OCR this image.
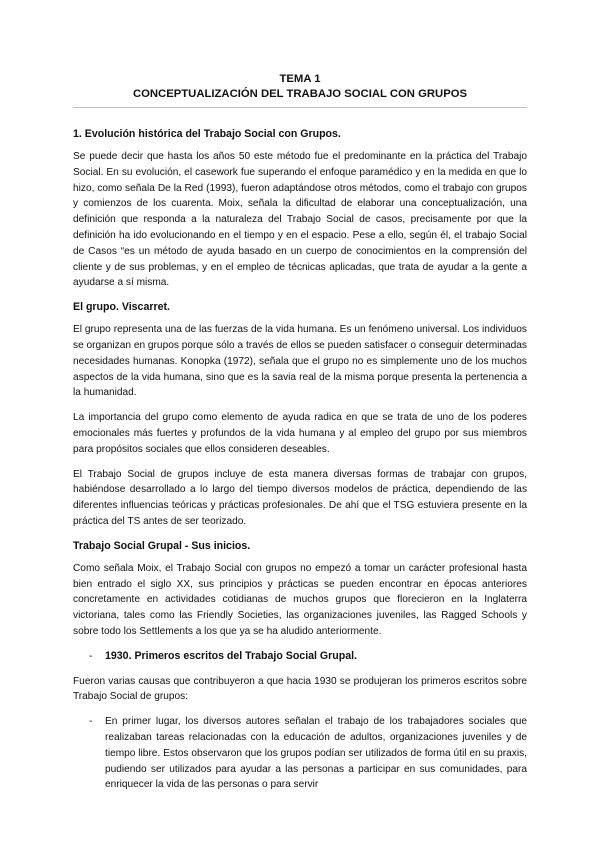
TEMA 1
CONCEPTUALIZACIÓN DEL TRABAJO SOCIAL CON GRUPOS
1. Evolución histórica del Trabajo Social con Grupos.

Se puede decir que hasta los años 50 este método fue el predominante en la práctica del Trabajo Social. En su evolución, el casework fue superando el enfoque paramédico y en la medida en que lo hizo, como señala De la Red (1993), fueron adaptándose otros métodos, como el trabajo con grupos y comienzos de los cuarenta. Moix, señala la dificultad de elaborar una conceptualización, una definición que responda a la naturaleza del Trabajo Social de casos, precisamente por que la definición ha ido evolucionando en el tiempo y en el espacio. Pese a ello, según él, el trabajo Social de Casos “es un método de ayuda basado en un cuerpo de conocimientos en la comprensión del cliente y de sus problemas, y en el empleo de técnicas aplicadas, que trata de ayudar a la gente a ayudarse a sí misma.

El grupo. Viscarret.

El grupo representa una de las fuerzas de la vida humana. Es un fenómeno universal. Los individuos se organizan en grupos porque sólo a través de ellos se pueden satisfacer o conseguir determinadas necesidades humanas. Konopka (1972), señala que el grupo no es simplemente uno de los muchos aspectos de la vida humana, sino que es la savia real de la misma porque presenta la pertenencia a la humanidad.

La importancia del grupo como elemento de ayuda radica en que se trata de uno de los poderes emocionales más fuertes y profundos de la vida humana y al empleo del grupo por sus miembros para propósitos sociales que ellos consideren deseables.

El Trabajo Social de grupos incluye de esta manera diversas formas de trabajar con grupos, habiéndose desarrollado a lo largo del tiempo diversos modelos de práctica, dependiendo de las diferentes influencias teóricas y prácticas profesionales. De ahí que el TSG estuviera presente en la práctica del TS antes de ser teorizado.

Trabajo Social Grupal - Sus inicios.

Como señala Moix, el Trabajo Social con grupos no empezó a tomar un carácter profesional hasta bien entrado el siglo XX, sus principios y prácticas se pueden encontrar en épocas anteriores concretamente en actividades cotidianas de muchos grupos que florecieron en la Inglaterra victoriana, tales como las Friendly Societies, las organizaciones juveniles, las Ragged Schools y sobre todo los Settlements a los que ya se ha aludido anteriormente.

-	1930. Primeros escritos del Trabajo Social Grupal.

Fueron varias causas que contribuyeron a que hacia 1930 se produjeran los primeros escritos sobre Trabajo Social de grupos:

-	En primer lugar, los diversos autores señalan el trabajo de los trabajadores sociales que realizaban tareas relacionadas con la educación de adultos, organizaciones juveniles y de tiempo libre. Estos observaron que los grupos podían ser utilizados de forma útil en su praxis, pudiendo ser utilizados para ayudar a las personas a participar en sus comunidades, para enriquecer la vida de las personas o para servir
